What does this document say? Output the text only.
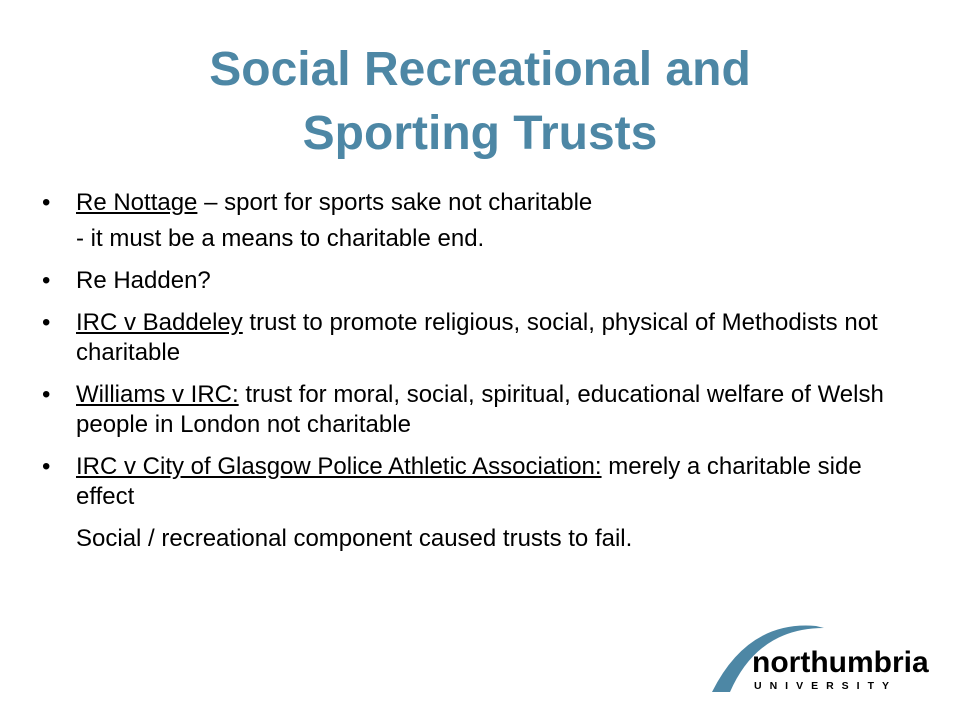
Social Recreational and
Sporting Trusts
•	Re Nottage – sport for sports sake not charitable
- it must be a means to charitable end.
•	Re Hadden?
•	IRC v Baddeley trust to promote religious, social, physical of Methodists not charitable
•	Williams v IRC: trust for moral, social, spiritual, educational welfare of Welsh people in London not charitable
•	IRC v City of Glasgow Police Athletic Association: merely a charitable side effect
Social / recreational component caused trusts to fail.
northumbria
UNIVERSITY
